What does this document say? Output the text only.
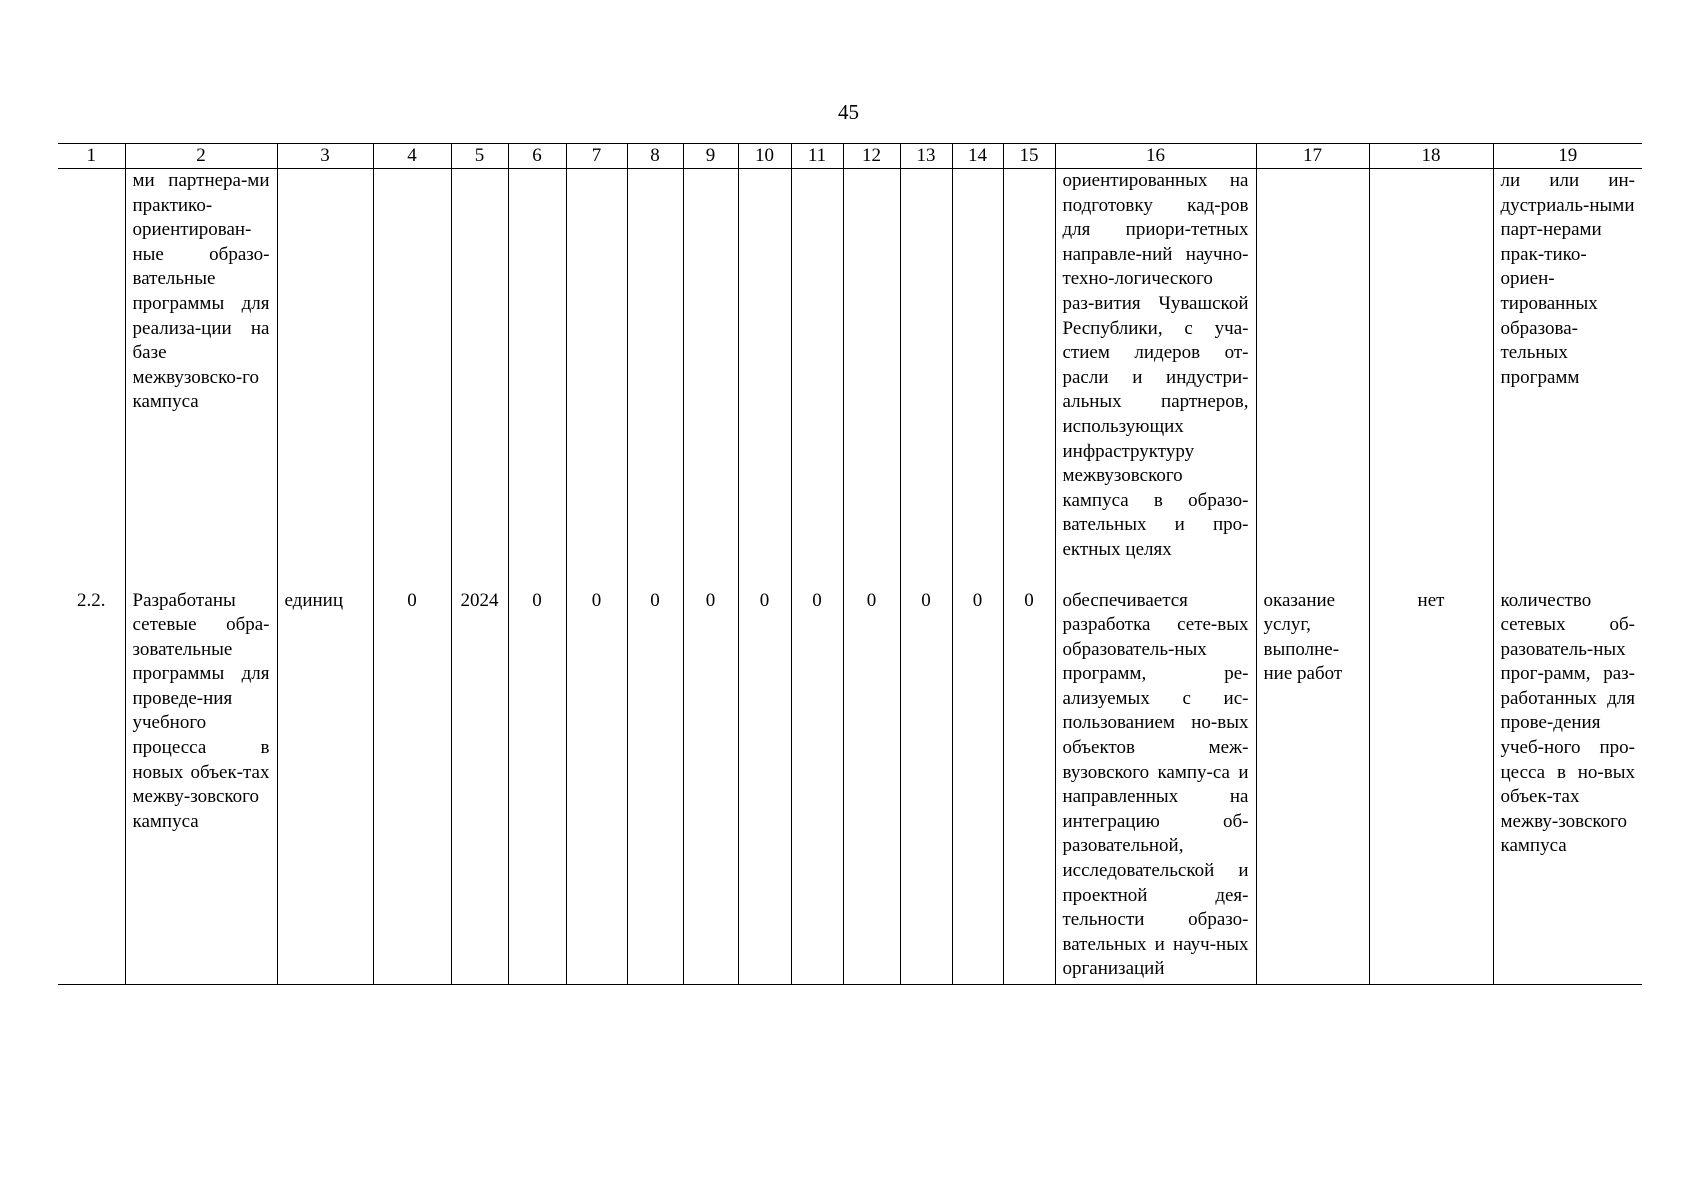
45
1	2	3	4	5	6	7	8	9	10	11	12	13	14	15	16	17	18	19
	ми партнера-ми практико-ориентирован-ные образо-вательные программы для реализа-ции на базе межвузовско-го кампуса														ориентированных на подготовку кад-ров для приори-тетных направле-ний научно-техно-логического раз-вития Чувашской Республики, с уча-стием лидеров от-расли и индустри-альных партнеров, использующих инфраструктуру межвузовского кампуса в образо-вательных и про-ектных целях			ли или ин-дустриаль-ными парт-нерами прак-тико-ориен-тированных образова-тельных программ
2.2.	Разработаны сетевые обра-зовательные программы для проведе-ния учебного процесса в новых объек-тах межву-зовского кампуса	единиц	0	2024	0	0	0	0	0	0	0	0	0	0	обеспечивается разработка сете-вых образователь-ных программ, ре-ализуемых с ис-пользованием но-вых объектов меж-вузовского кампу-са и направленных на интеграцию об-разовательной, исследовательской и проектной дея-тельности образо-вательных и науч-ных организаций	оказание услуг, выполне-ние работ	нет	количество сетевых об-разователь-ных прог-рамм, раз-работанных для прове-дения учеб-ного про-цесса в но-вых объек-тах межву-зовского кампуса
